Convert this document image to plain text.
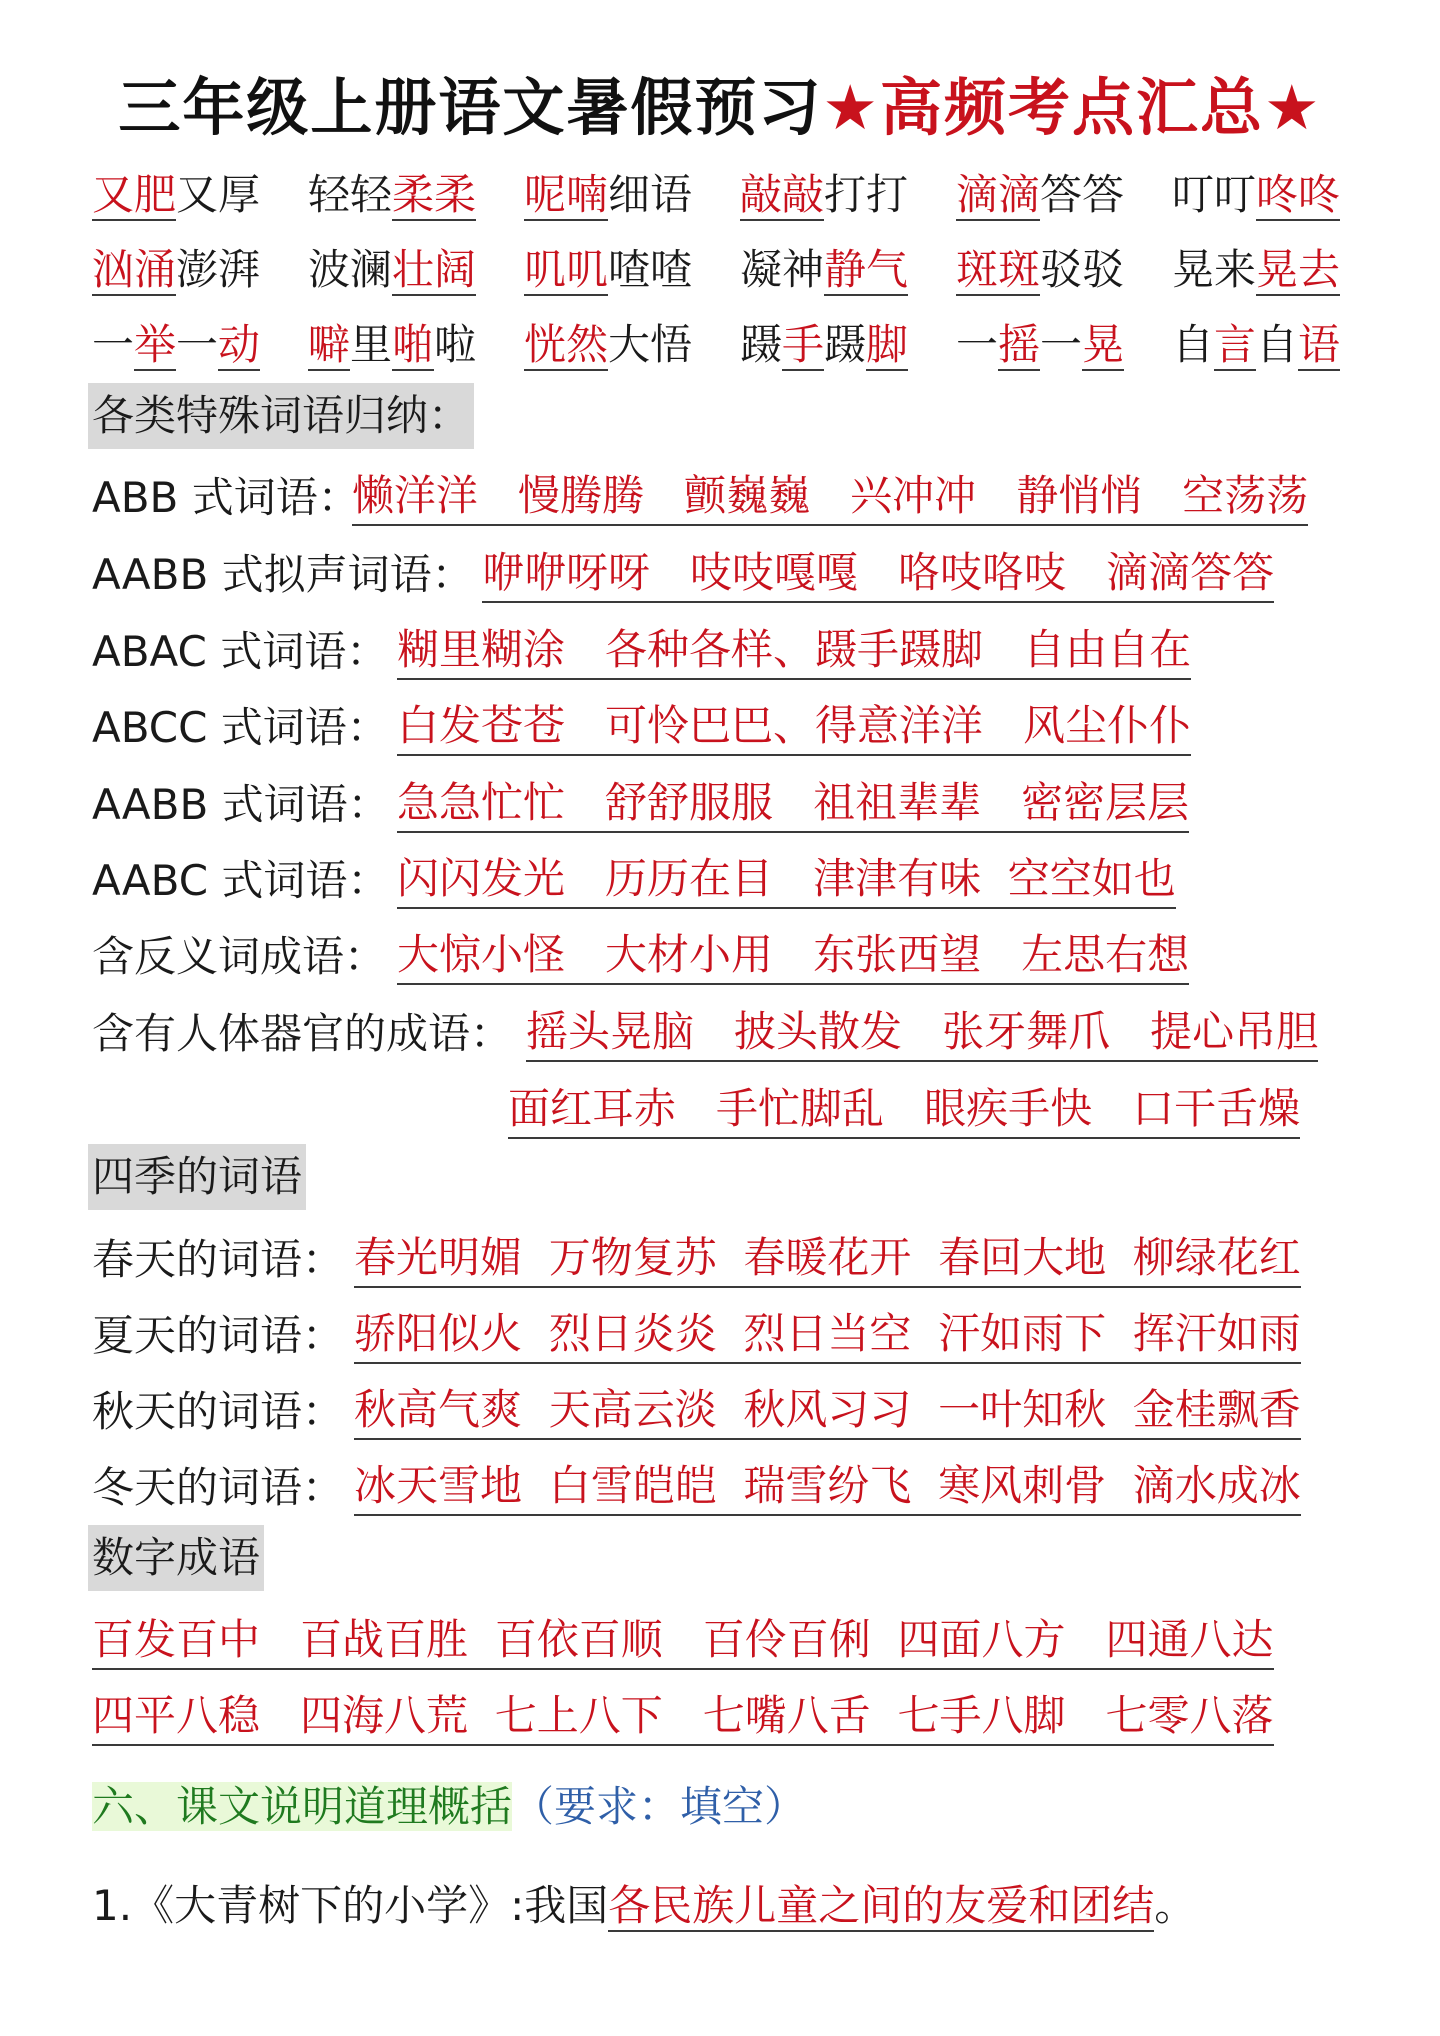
三年级上册语文暑假预习★高频考点汇总★
又肥又厚 轻轻柔柔 呢喃细语 敲敲打打 滴滴答答 叮叮咚咚
汹涌澎湃 波澜壮阔 叽叽喳喳 凝神静气 斑斑驳驳 晃来晃去
一举一动 噼里啪啦 恍然大悟 蹑手蹑脚 一摇一晃 自言自语
各类特殊词语归纳：
ABB 式词语：
懒洋洋   慢腾腾   颤巍巍   兴冲冲   静悄悄   空荡荡
AABB 式拟声词语： 咿咿呀呀   吱吱嘎嘎   咯吱咯吱   滴滴答答
ABAC 式词语： 糊里糊涂   各种各样、蹑手蹑脚   自由自在
ABCC 式词语： 白发苍苍   可怜巴巴、得意洋洋   风尘仆仆
AABB 式词语： 急急忙忙   舒舒服服   祖祖辈辈   密密层层
AABC 式词语： 闪闪发光   历历在目   津津有味  空空如也
含反义词成语： 大惊小怪   大材小用   东张西望   左思右想
含有人体器官的成语： 摇头晃脑   披头散发   张牙舞爪   提心吊胆
面红耳赤   手忙脚乱   眼疾手快   口干舌燥
四季的词语
春天的词语： 春光明媚  万物复苏  春暖花开  春回大地  柳绿花红
夏天的词语： 骄阳似火  烈日炎炎  烈日当空  汗如雨下  挥汗如雨
秋天的词语： 秋高气爽  天高云淡  秋风习习  一叶知秋  金桂飘香
冬天的词语： 冰天雪地  白雪皑皑  瑞雪纷飞  寒风刺骨  滴水成冰
数字成语
百发百中   百战百胜  百依百顺   百伶百俐  四面八方   四通八达
四平八稳   四海八荒  七上八下   七嘴八舌  七手八脚   七零八落
六、课文说明道理概括（要求：填空）
1.《大青树下的小学》:我国各民族儿童之间的友爱和团结。
